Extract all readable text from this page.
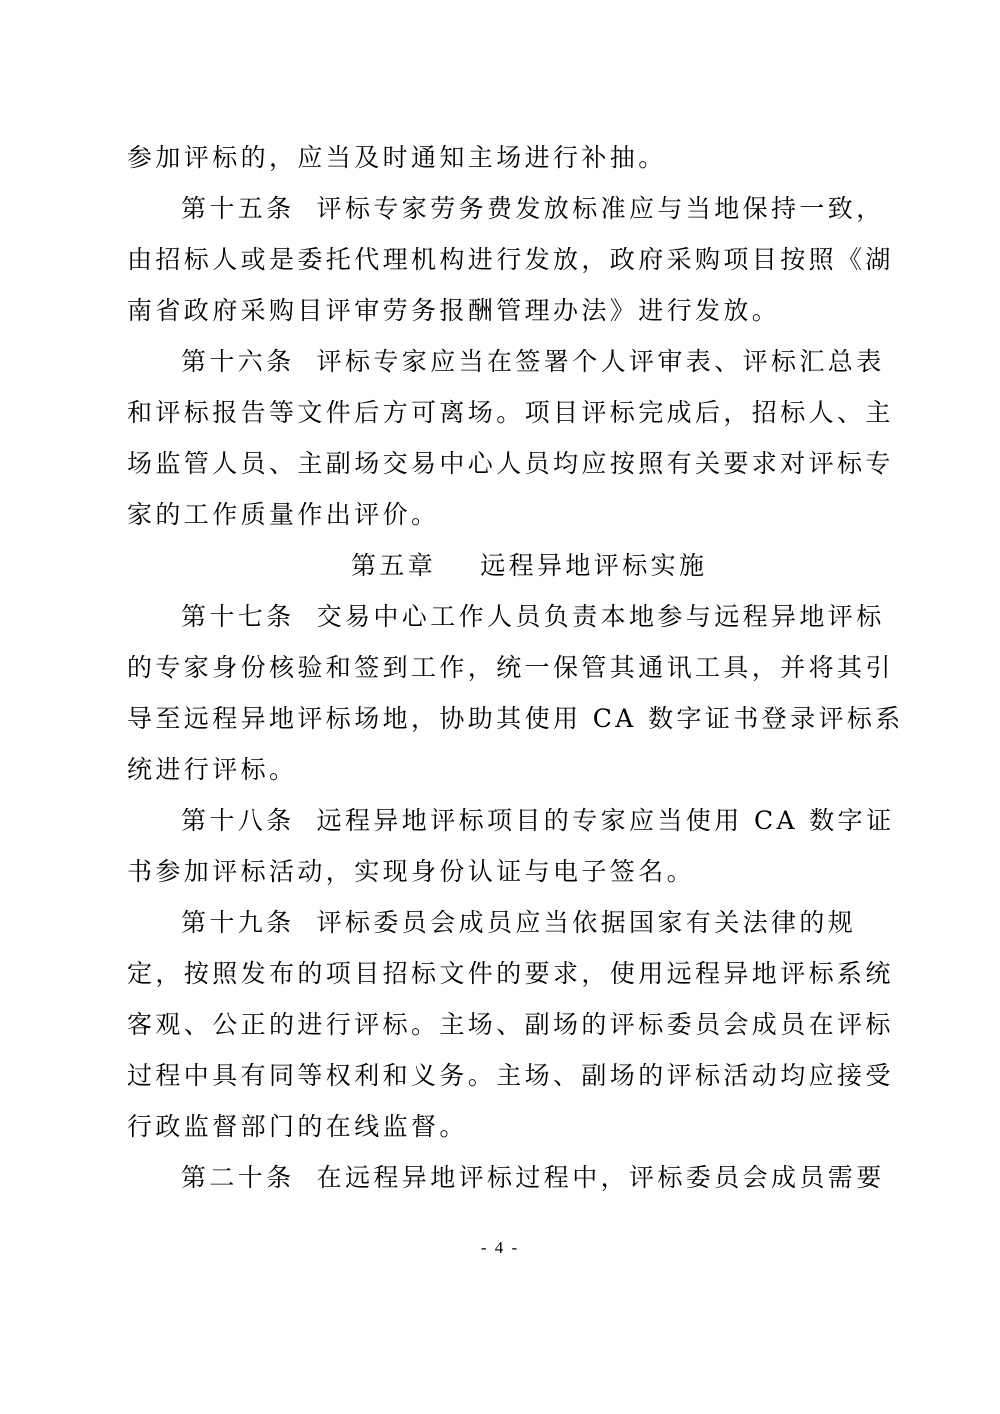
参加评标的，应当及时通知主场进行补抽。
第十五条 评标专家劳务费发放标准应与当地保持一致，
由招标人或是委托代理机构进行发放，政府采购项目按照《湖
南省政府采购目评审劳务报酬管理办法》进行发放。
第十六条 评标专家应当在签署个人评审表、评标汇总表
和评标报告等文件后方可离场。项目评标完成后，招标人、主
场监管人员、主副场交易中心人员均应按照有关要求对评标专
家的工作质量作出评价。
第五章 远程异地评标实施
第十七条 交易中心工作人员负责本地参与远程异地评标
的专家身份核验和签到工作，统一保管其通讯工具，并将其引
导至远程异地评标场地，协助其使用 CA 数字证书登录评标系
统进行评标。
第十八条 远程异地评标项目的专家应当使用 CA 数字证
书参加评标活动，实现身份认证与电子签名。
第十九条 评标委员会成员应当依据国家有关法律的规
定，按照发布的项目招标文件的要求，使用远程异地评标系统
客观、公正的进行评标。主场、副场的评标委员会成员在评标
过程中具有同等权利和义务。主场、副场的评标活动均应接受
行政监督部门的在线监督。
第二十条 在远程异地评标过程中，评标委员会成员需要
- 4 -
